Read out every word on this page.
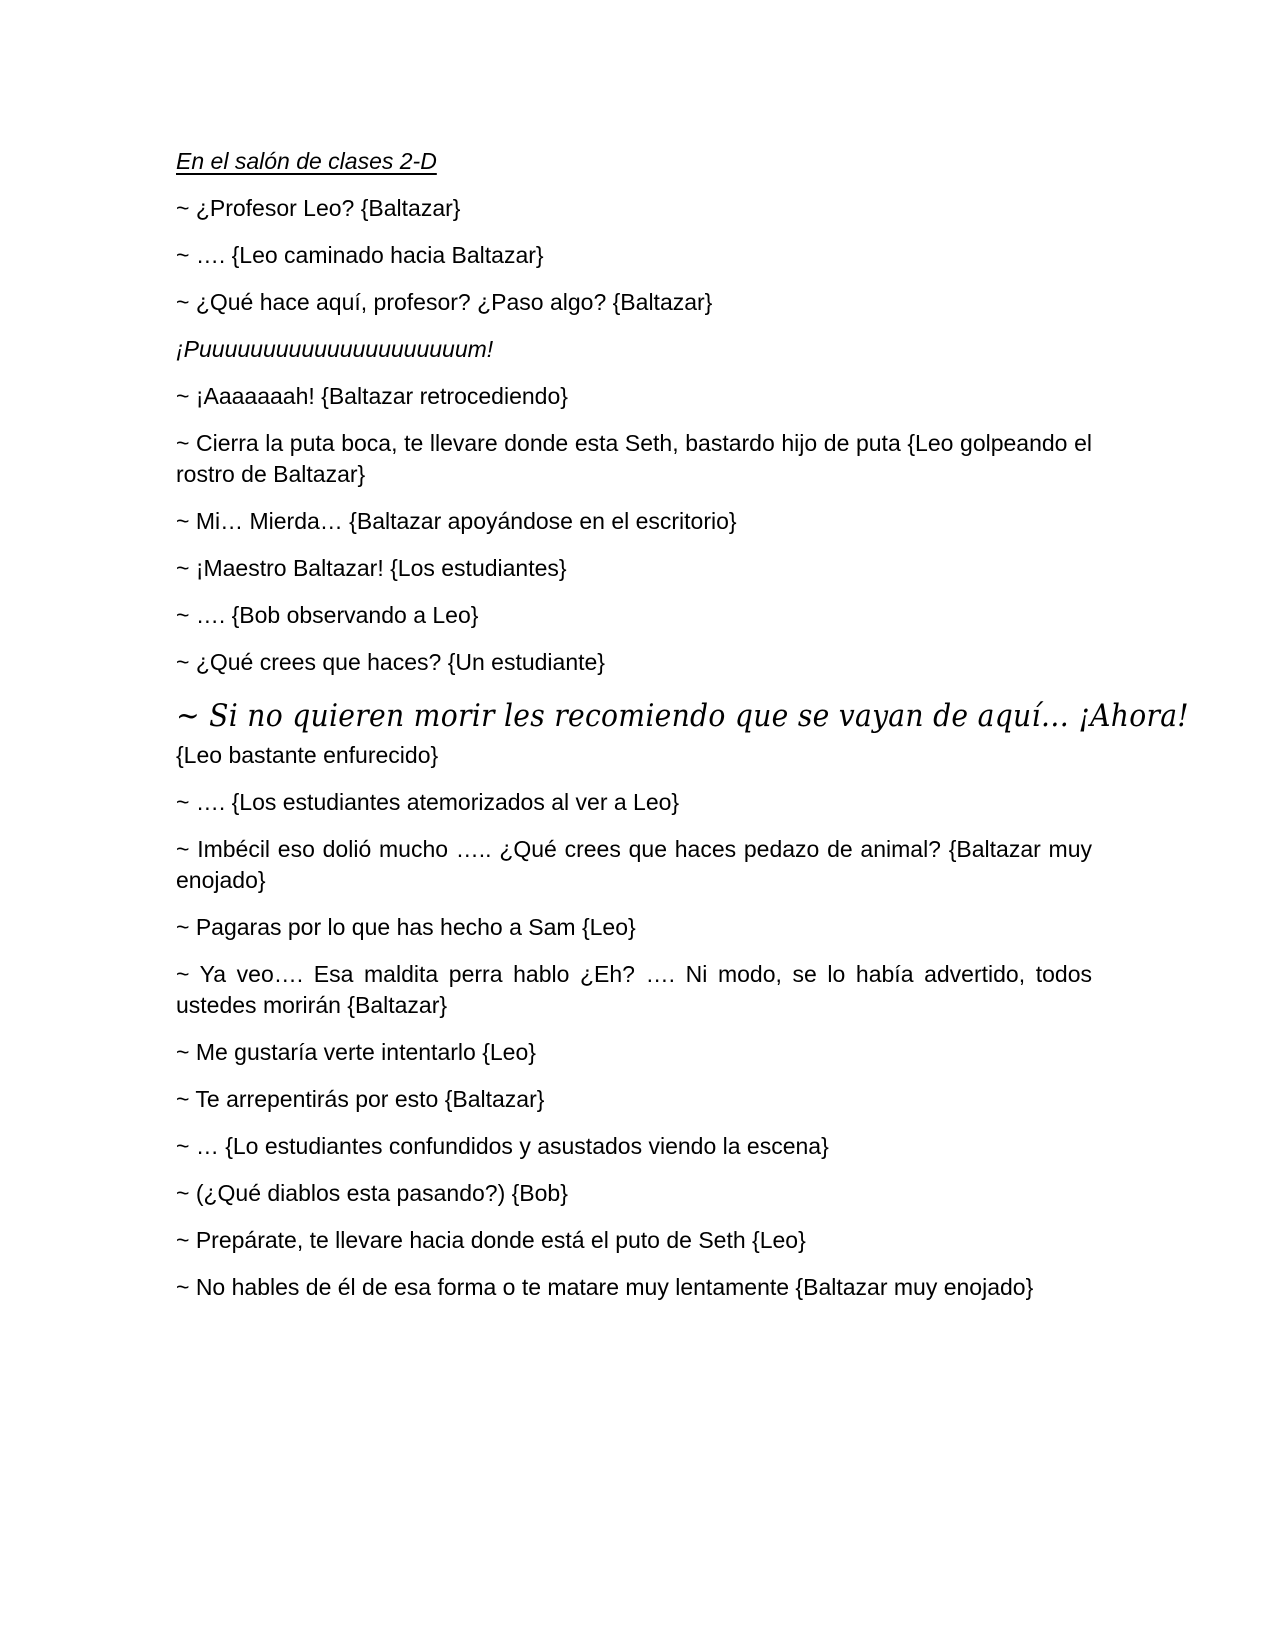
En el salón de clases 2-D

~ ¿Profesor Leo? {Baltazar}

~ …. {Leo caminado hacia Baltazar}

~ ¿Qué hace aquí, profesor? ¿Paso algo? {Baltazar}

¡Puuuuuuuuuuuuuuuuuuuuum!

~ ¡Aaaaaaah! {Baltazar retrocediendo}

~ Cierra la puta boca, te llevare donde esta Seth, bastardo hijo de puta {Leo golpeando el rostro de Baltazar}

~ Mi… Mierda… {Baltazar apoyándose en el escritorio}

~ ¡Maestro Baltazar! {Los estudiantes}

~ …. {Bob observando a Leo}

~ ¿Qué crees que haces? {Un estudiante}

~ Si no quieren morir les recomiendo que se vayan de aquí… ¡Ahora!
{Leo bastante enfurecido}

~ …. {Los estudiantes atemorizados al ver a Leo}

~ Imbécil eso dolió mucho ….. ¿Qué crees que haces pedazo de animal? {Baltazar muy enojado}

~ Pagaras por lo que has hecho a Sam {Leo}

~ Ya veo…. Esa maldita perra hablo ¿Eh? …. Ni modo, se lo había advertido, todos ustedes morirán {Baltazar}

~ Me gustaría verte intentarlo {Leo}

~ Te arrepentirás por esto {Baltazar}

~ … {Lo estudiantes confundidos y asustados viendo la escena}

~ (¿Qué diablos esta pasando?) {Bob}

~ Prepárate, te llevare hacia donde está el puto de Seth {Leo}

~ No hables de él de esa forma o te matare muy lentamente {Baltazar muy enojado}
